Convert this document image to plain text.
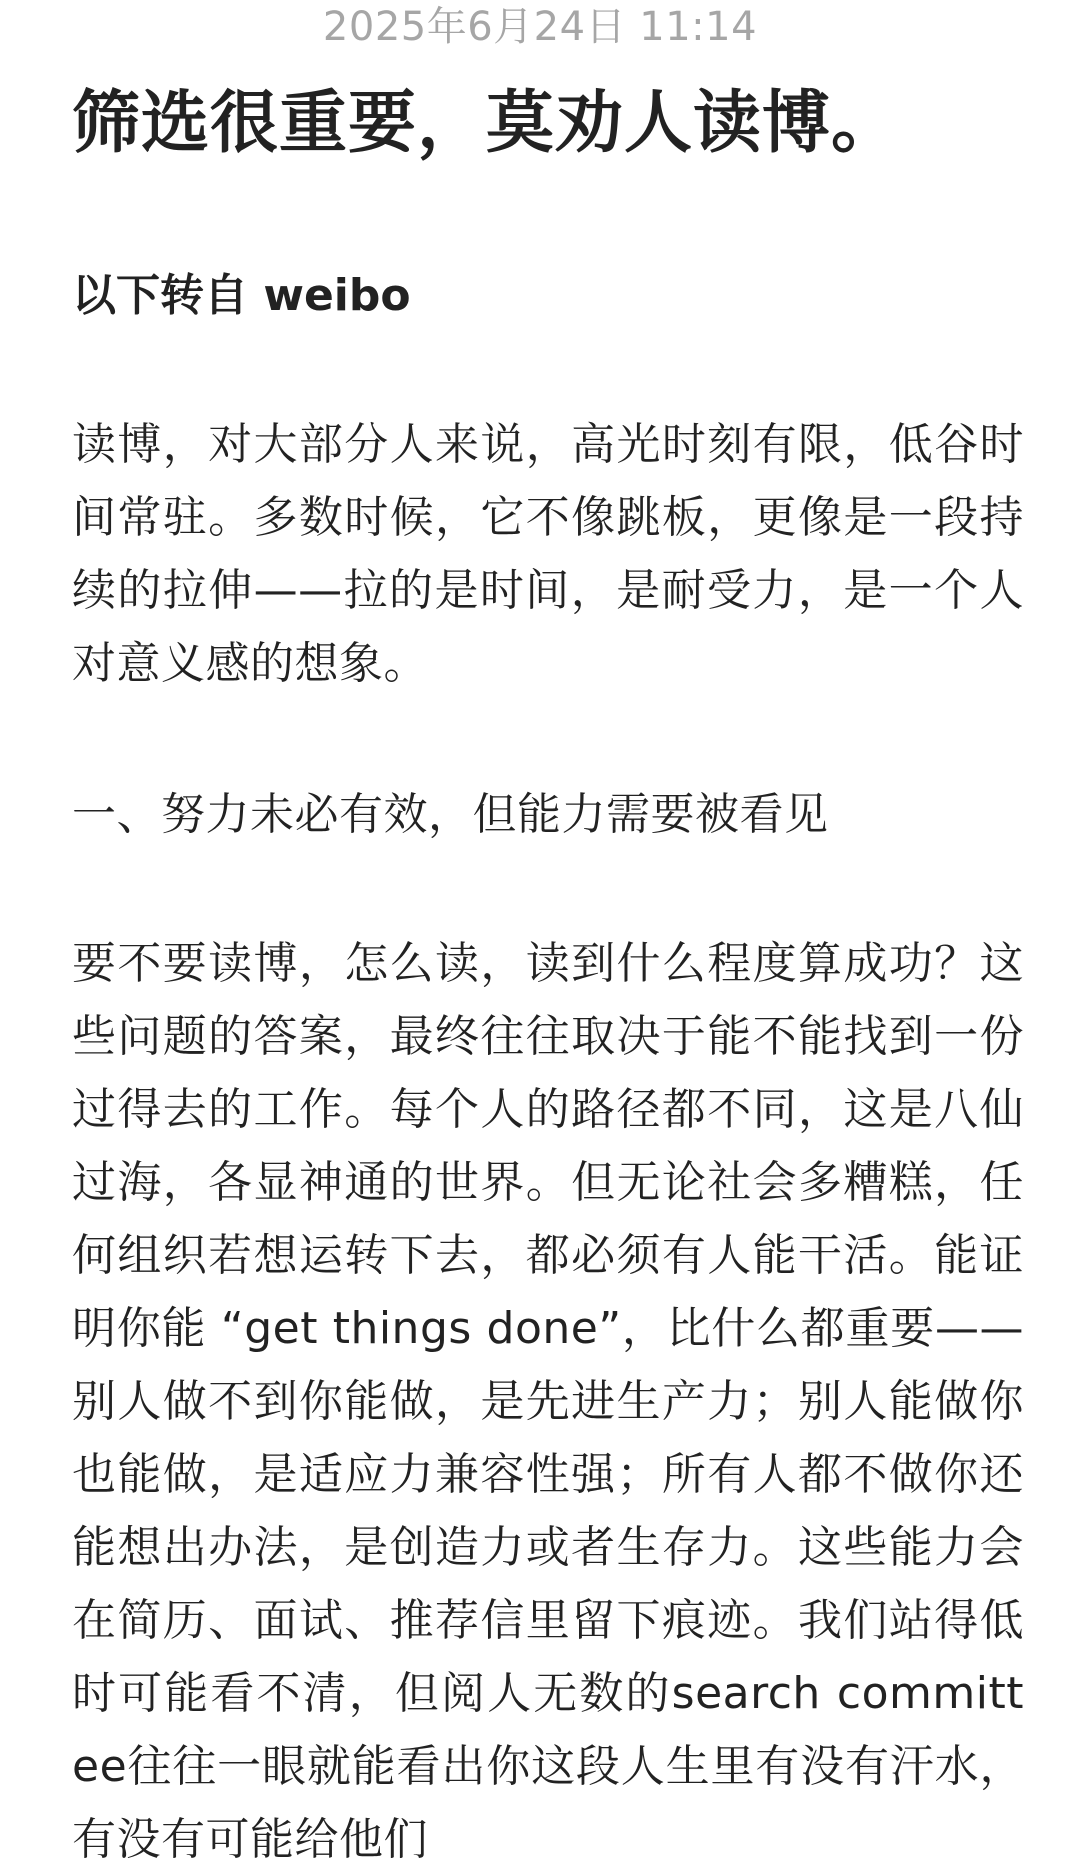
2025年6月24日 11:14
筛选很重要，莫劝人读博。
以下转自 weibo

读博，对大部分人来说，高光时刻有限，低谷时间常驻。多数时候，它不像跳板，更像是一段持续的拉伸——拉的是时间，是耐受力，是一个人对意义感的想象。

一、努力未必有效，但能力需要被看见

要不要读博，怎么读，读到什么程度算成功？这些问题的答案，最终往往取决于能不能找到一份过得去的工作。每个人的路径都不同，这是八仙过海，各显神通的世界。但无论社会多糟糕，任何组织若想运转下去，都必须有人能干活。能证明你能 “get things done”，比什么都重要——别人做不到你能做，是先进生产力；别人能做你也能做，是适应力兼容性强；所有人都不做你还能想出办法，是创造力或者生存力。这些能力会在简历、面试、推荐信里留下痕迹。我们站得低时可能看不清，但阅人无数的search committee往往一眼就能看出你这段人生里有没有汗水，有没有可能给他们
